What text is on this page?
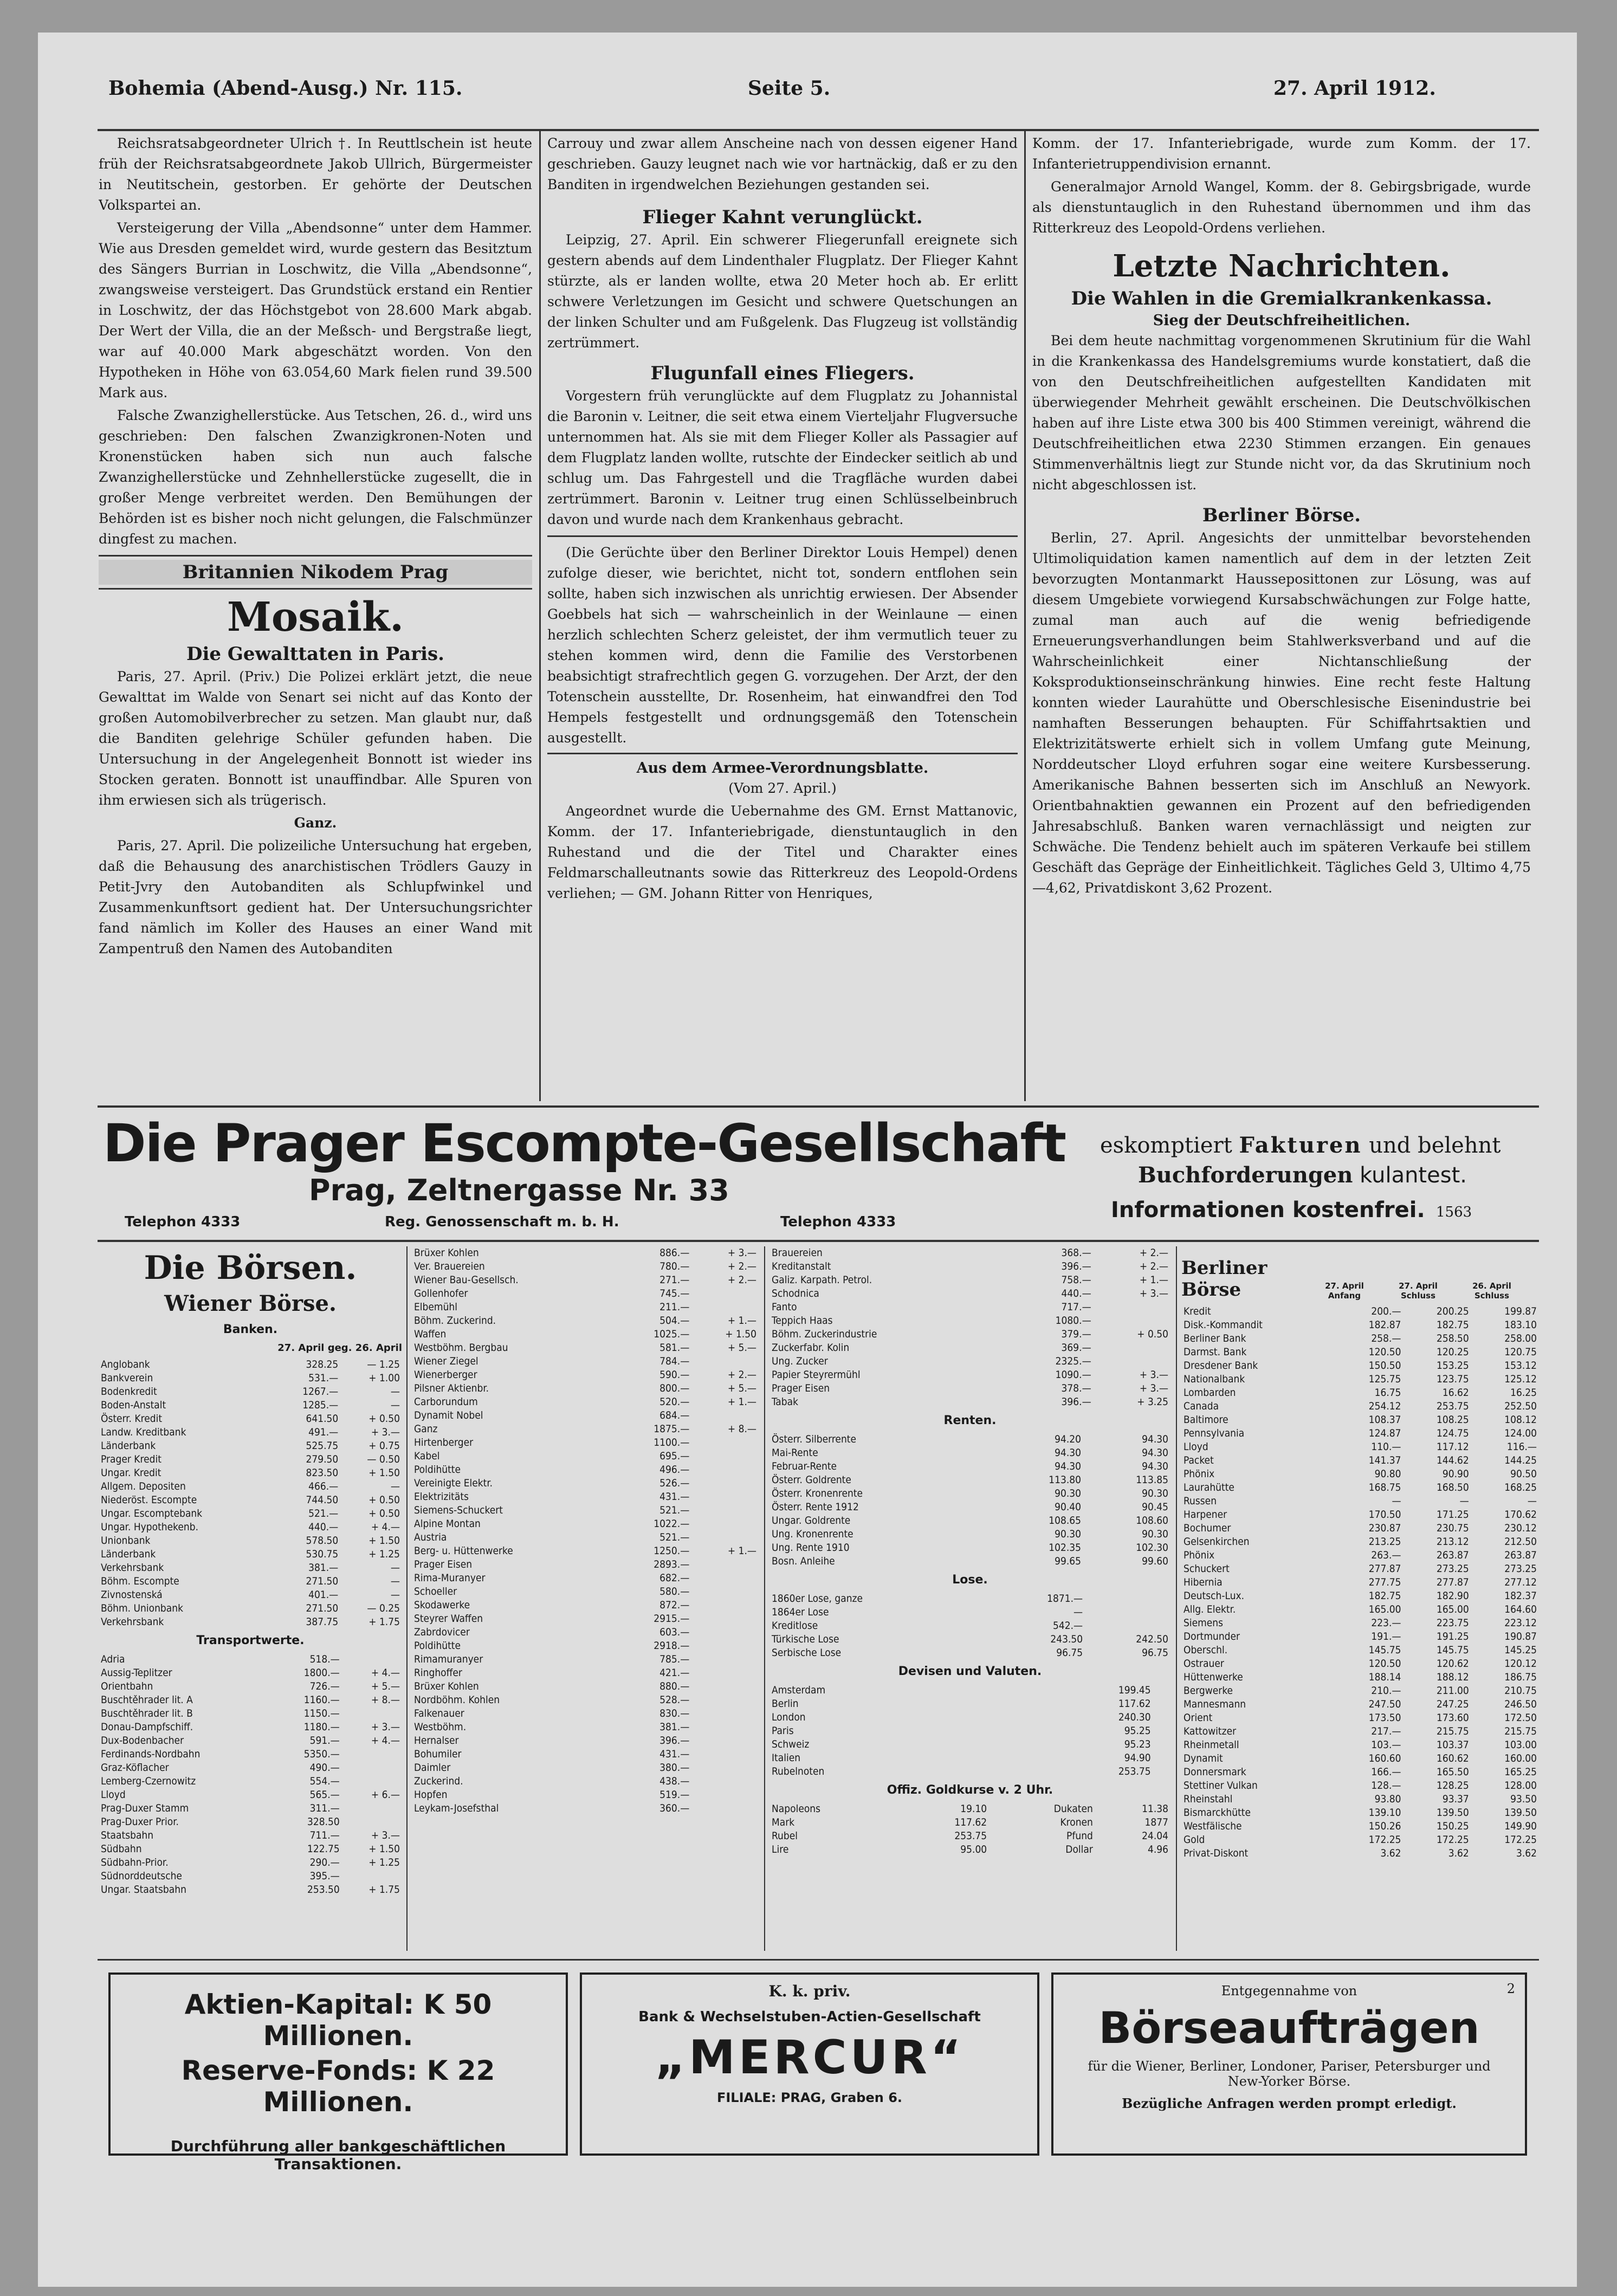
Bohemia (Abend-Ausg.) Nr. 115.	Seite 5.	27. April 1912.

Reichsratsabgeordneter Ulrich †. In Reuttlschein ist heute früh der Reichsratsabgeordnete Jakob Ullrich, Bürgermeister in Neutitschein, gestorben. Er gehörte der Deutschen Volkspartei an.

Versteigerung der Villa „Abendsonne“ unter dem Hammer. Wie aus Dresden gemeldet wird, wurde gestern das Besitztum des Sängers Burrian in Loschwitz, die Villa „Abendsonne“, zwangsweise versteigert. Das Grundstück erstand ein Rentier in Loschwitz, der das Höchstgebot von 28.600 Mark abgab. Der Wert der Villa, die an der Meßsch- und Bergstraße liegt, war auf 40.000 Mark abgeschätzt worden. Von den Hypotheken in Höhe von 63.054,60 Mark fielen rund 39.500 Mark aus.

Falsche Zwanzighellerstücke. Aus Tetschen, 26. d., wird uns geschrieben: Den falschen Zwanzigkronen-Noten und Kronenstücken haben sich nun auch falsche Zwanzighellerstücke und Zehnhellerstücke zugesellt, die in großer Menge verbreitet werden. Den Bemühungen der Behörden ist es bisher noch nicht gelungen, die Falschmünzer dingfest zu machen.

Britannien Nikodem Prag

Mosaik.

Die Gewalttaten in Paris.

Paris, 27. April. (Priv.) Die Polizei erklärt jetzt, die neue Gewalttat im Walde von Senart sei nicht auf das Konto der großen Automobilverbrecher zu setzen. Man glaubt nur, daß die Banditen gelehrige Schüler gefunden haben. Die Untersuchung in der Angelegenheit Bonnott ist wieder ins Stocken geraten. Bonnott ist unauffindbar. Alle Spuren von ihm erwiesen sich als trügerisch.

Ganz.

Paris, 27. April. Die polizeiliche Untersuchung hat ergeben, daß die Behausung des anarchistischen Trödlers Gauzy in Petit-Jvry den Autobanditen als Schlupfwinkel und Zusammenkunftsort gedient hat. Der Untersuchungsrichter fand nämlich im Koller des Hauses an einer Wand mit Zampentruß den Namen des Autobanditen

Carrouy und zwar allem Anscheine nach von dessen eigener Hand geschrieben. Gauzy leugnet nach wie vor hartnäckig, daß er zu den Banditen in irgendwelchen Beziehungen gestanden sei.

Flieger Kahnt verunglückt.

Leipzig, 27. April. Ein schwerer Fliegerunfall ereignete sich gestern abends auf dem Lindenthaler Flugplatz. Der Flieger Kahnt stürzte, als er landen wollte, etwa 20 Meter hoch ab. Er erlitt schwere Verletzungen im Gesicht und schwere Quetschungen an der linken Schulter und am Fußgelenk. Das Flugzeug ist vollständig zertrümmert.

Flugunfall eines Fliegers.

Vorgestern früh verunglückte auf dem Flugplatz zu Johannistal die Baronin v. Leitner, die seit etwa einem Vierteljahr Flugversuche unternommen hat. Als sie mit dem Flieger Koller als Passagier auf dem Flugplatz landen wollte, rutschte der Eindecker seitlich ab und schlug um. Das Fahrgestell und die Tragfläche wurden dabei zertrümmert. Baronin v. Leitner trug einen Schlüsselbeinbruch davon und wurde nach dem Krankenhaus gebracht.

(Die Gerüchte über den Berliner Direktor Louis Hempel) denen zufolge dieser, wie berichtet, nicht tot, sondern entflohen sein sollte, haben sich inzwischen als unrichtig erwiesen. Der Absender Goebbels hat sich — wahrscheinlich in der Weinlaune — einen herzlich schlechten Scherz geleistet, der ihm vermutlich teuer zu stehen kommen wird, denn die Familie des Verstorbenen beabsichtigt strafrechtlich gegen G. vorzugehen. Der Arzt, der den Totenschein ausstellte, Dr. Rosenheim, hat einwandfrei den Tod Hempels festgestellt und ordnungsgemäß den Totenschein ausgestellt.

Aus dem Armee-Verordnungsblatte.

(Vom 27. April.)

Angeordnet wurde die Uebernahme des GM. Ernst Mattanovic, Komm. der 17. Infanteriebrigade, dienstuntauglich in den Ruhestand und die der Titel und Charakter eines Feldmarschalleutnants sowie das Ritterkreuz des Leopold-Ordens verliehen; — GM. Johann Ritter von Henriques,

Komm. der 17. Infanteriebrigade, wurde zum Komm. der 17. Infanterietruppendivision ernannt.

Generalmajor Arnold Wangel, Komm. der 8. Gebirgsbrigade, wurde als dienstuntauglich in den Ruhestand übernommen und ihm das Ritterkreuz des Leopold-Ordens verliehen.

Letzte Nachrichten.

Die Wahlen in die Gremialkrankenkassa.

Sieg der Deutschfreiheitlichen.

Bei dem heute nachmittag vorgenommenen Skrutinium für die Wahl in die Krankenkassa des Handelsgremiums wurde konstatiert, daß die von den Deutschfreiheitlichen aufgestellten Kandidaten mit überwiegender Mehrheit gewählt erscheinen. Die Deutschvölkischen haben auf ihre Liste etwa 300 bis 400 Stimmen vereinigt, während die Deutschfreiheitlichen etwa 2230 Stimmen erzangen. Ein genaues Stimmenverhältnis liegt zur Stunde nicht vor, da das Skrutinium noch nicht abgeschlossen ist.

Berliner Börse.

Berlin, 27. April. Angesichts der unmittelbar bevorstehenden Ultimoliquidation kamen namentlich auf dem in der letzten Zeit bevorzugten Montanmarkt Hausseposittonen zur Lösung, was auf diesem Umgebiete vorwiegend Kursabschwächungen zur Folge hatte, zumal man auch auf die wenig befriedigende Erneuerungsverhandlungen beim Stahlwerksverband und auf die Wahrscheinlichkeit einer Nichtanschließung der Koksproduktionseinschränkung hinwies. Eine recht feste Haltung konnten wieder Laurahütte und Oberschlesische Eisenindustrie bei namhaften Besserungen behaupten. Für Schiffahrtsaktien und Elektrizitätswerte erhielt sich in vollem Umfang gute Meinung, Norddeutscher Lloyd erfuhren sogar eine weitere Kursbesserung. Amerikanische Bahnen besserten sich im Anschluß an Newyork. Orientbahnaktien gewannen ein Prozent auf den befriedigenden Jahresabschluß. Banken waren vernachlässigt und neigten zur Schwäche. Die Tendenz behielt auch im späteren Verkaufe bei stillem Geschäft das Gepräge der Einheitlichkeit. Tägliches Geld 3, Ultimo 4,75—4,62, Privatdiskont 3,62 Prozent.

Die Prager Escompte-Gesellschaft
Prag, Zeltnergasse Nr. 33
Telephon 4333	Reg. Genossenschaft m. b. H.	Telephon 4333
eskomptiert Fakturen und belehnt
Buchforderungen kulantest.
Informationen kostenfrei. 1563
Die Börsen.
Wiener Börse.
Banken.
27. April geg. 26. April
Anglobank	328.25	— 1.25
Bankverein	531.—	+ 1.00
Bodenkredit	1267.—	—
Boden-Anstalt	1285.—	—
Österr. Kredit	641.50	+ 0.50
Landw. Kreditbank	491.—	+ 3.—
Länderbank	525.75	+ 0.75
Prager Kredit	279.50	— 0.50
Ungar. Kredit	823.50	+ 1.50
Allgem. Depositen	466.—	—
Niederöst. Escompte	744.50	+ 0.50
Ungar. Escomptebank	521.—	+ 0.50
Ungar. Hypothekenb.	440.—	+ 4.—
Unionbank	578.50	+ 1.50
Länderbank	530.75	+ 1.25
Verkehrsbank	381.—	—
Böhm. Escompte	271.50	—
Zivnostenská	401.—	—
Böhm. Unionbank	271.50	— 0.25
Verkehrsbank	387.75	+ 1.75
Transportwerte.
Adria	518.—	
Aussig-Teplitzer	1800.—	+ 4.—
Orientbahn	726.—	+ 5.—
Buschtěhrader lit. A	1160.—	+ 8.—
Buschtěhrader lit. B	1150.—	
Donau-Dampfschiff.	1180.—	+ 3.—
Dux-Bodenbacher	591.—	+ 4.—
Ferdinands-Nordbahn	5350.—	
Graz-Köflacher	490.—	
Lemberg-Czernowitz	554.—	
Lloyd	565.—	+ 6.—
Prag-Duxer Stamm	311.—	
Prag-Duxer Prior.	328.50	
Staatsbahn	711.—	+ 3.—
Südbahn	122.75	+ 1.50
Südbahn-Prior.	290.—	+ 1.25
Südnorddeutsche	395.—	
Ungar. Staatsbahn	253.50	+ 1.75
Brüxer Kohlen	886.—	+ 3.—
Ver. Brauereien	780.—	+ 2.—
Wiener Bau-Gesellsch.	271.—	+ 2.—
Gollenhofer	745.—	
Elbemühl	211.—	
Böhm. Zuckerind.	504.—	+ 1.—
Waffen	1025.—	+ 1.50
Westböhm. Bergbau	581.—	+ 5.—
Wiener Ziegel	784.—	
Wienerberger	590.—	+ 2.—
Pilsner Aktienbr.	800.—	+ 5.—
Carborundum	520.—	+ 1.—
Dynamit Nobel	684.—	
Ganz	1875.—	+ 8.—
Hirtenberger	1100.—	
Kabel	695.—	
Poldihütte	496.—	
Vereinigte Elektr.	526.—	
Elektrizitäts	431.—	
Siemens-Schuckert	521.—	
Alpine Montan	1022.—	
Austria	521.—	
Berg- u. Hüttenwerke	1250.—	+ 1.—
Prager Eisen	2893.—	
Rima-Muranyer	682.—	
Schoeller	580.—	
Skodawerke	872.—	
Steyrer Waffen	2915.—	
Zabrdovicer	603.—	
Poldihütte	2918.—	
Rimamuranyer	785.—	
Ringhoffer	421.—	
Brüxer Kohlen	880.—	
Nordböhm. Kohlen	528.—	
Falkenauer	830.—	
Westböhm.	381.—	
Hernalser	396.—	
Bohumiler	431.—	
Daimler	380.—	
Zuckerind.	438.—	
Hopfen	519.—	
Leykam-Josefsthal	360.—	
Brauereien	368.—	+ 2.—
Kreditanstalt	396.—	+ 2.—
Galiz. Karpath. Petrol.	758.—	+ 1.—
Schodnica	440.—	+ 3.—
Fanto	717.—	
Teppich Haas	1080.—	
Böhm. Zuckerindustrie	379.—	+ 0.50
Zuckerfabr. Kolin	369.—	
Ung. Zucker	2325.—	
Papier Steyrermühl	1090.—	+ 3.—
Prager Eisen	378.—	+ 3.—
Tabak	396.—	+ 3.25
Renten.
Österr. Silberrente	94.20	94.30
Mai-Rente	94.30	94.30
Februar-Rente	94.30	94.30
Österr. Goldrente	113.80	113.85
Österr. Kronenrente	90.30	90.30
Österr. Rente 1912	90.40	90.45
Ungar. Goldrente	108.65	108.60
Ung. Kronenrente	90.30	90.30
Ung. Rente 1910	102.35	102.30
Bosn. Anleihe	99.65	99.60
Lose.
1860er Lose, ganze	1871.—	
1864er Lose	—	
Kreditlose	542.—	
Türkische Lose	243.50	242.50
Serbische Lose	96.75	96.75
Devisen und Valuten.
Amsterdam	199.45	
Berlin	117.62	
London	240.30	
Paris	95.25	
Schweiz	95.23	
Italien	94.90	
Rubelnoten	253.75	
Offiz. Goldkurse v. 2 Uhr.
Napoleons	19.10	Dukaten	11.38
Mark	117.62	Kronen	1877
Rubel	253.75	Pfund	24.04
Lire	95.00	Dollar	4.96
Berliner Börse	27. April Anfang
27. April Schluss
26. April Schluss
Kredit	200.—	200.25	199.87
Disk.-Kommandit	182.87	182.75	183.10
Berliner Bank	258.—	258.50	258.00
Darmst. Bank	120.50	120.25	120.75
Dresdener Bank	150.50	153.25	153.12
Nationalbank	125.75	123.75	125.12
Lombarden	16.75	16.62	16.25
Canada	254.12	253.75	252.50
Baltimore	108.37	108.25	108.12
Pennsylvania	124.87	124.75	124.00
Lloyd	110.—	117.12	116.—
Packet	141.37	144.62	144.25
Phönix	90.80	90.90	90.50
Laurahütte	168.75	168.50	168.25
Russen	—	—	—
Harpener	170.50	171.25	170.62
Bochumer	230.87	230.75	230.12
Gelsenkirchen	213.25	213.12	212.50
Phönix	263.—	263.87	263.87
Schuckert	277.87	273.25	273.25
Hibernia	277.75	277.87	277.12
Deutsch-Lux.	182.75	182.90	182.37
Allg. Elektr.	165.00	165.00	164.60
Siemens	223.—	223.75	223.12
Dortmunder	191.—	191.25	190.87
Oberschl.	145.75	145.75	145.25
Ostrauer	120.50	120.62	120.12
Hüttenwerke	188.14	188.12	186.75
Bergwerke	210.—	211.00	210.75
Mannesmann	247.50	247.25	246.50
Orient	173.50	173.60	172.50
Kattowitzer	217.—	215.75	215.75
Rheinmetall	103.—	103.37	103.00
Dynamit	160.60	160.62	160.00
Donnersmark	166.—	165.50	165.25
Stettiner Vulkan	128.—	128.25	128.00
Rheinstahl	93.80	93.37	93.50
Bismarckhütte	139.10	139.50	139.50
Westfälische	150.26	150.25	149.90
Gold	172.25	172.25	172.25
Privat-Diskont	3.62	3.62	3.62
Aktien-Kapital: K 50 Millionen.
Reserve-Fonds: K 22 Millionen.
Durchführung aller bankgeschäftlichen Transaktionen.
K. k. priv.
Bank & Wechselstuben-Actien-Gesellschaft
„MERCUR“
FILIALE: PRAG, Graben 6.
Entgegennahme von	2
Börseaufträgen
für die Wiener, Berliner, Londoner, Pariser, Petersburger und New-Yorker Börse.
Bezügliche Anfragen werden prompt erledigt.
